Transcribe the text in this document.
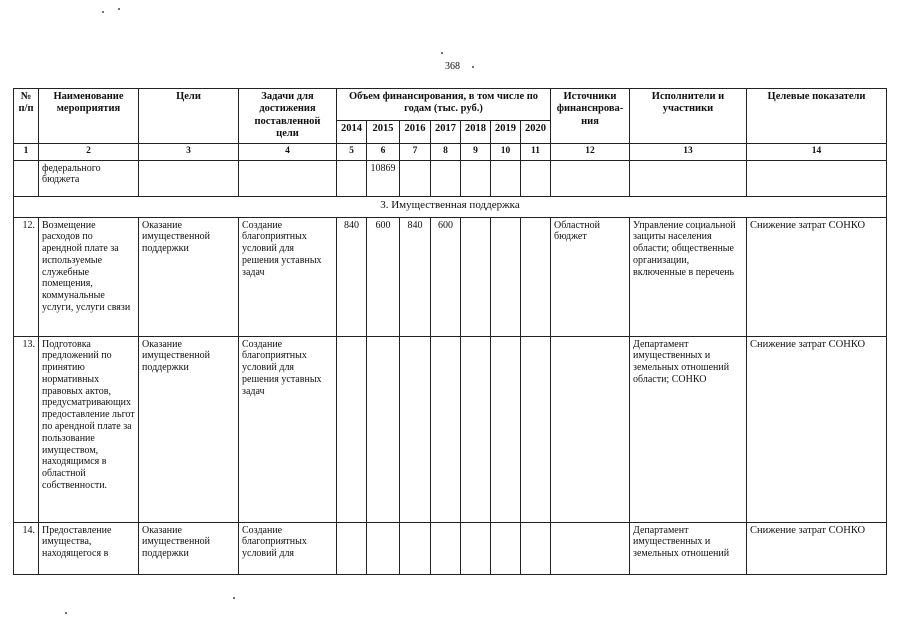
368
№ п/п	Наименование мероприятия	Цели	Задачи для достижения поставленной цели	Объем финансирования, в том числе по годам (тыс. руб.)							Источники финанснрова-ния	Исполнители и участники	Целевые показатели
				2014	2015	2016	2017	2018	2019	2020			
1	2	3	4	5	6	7	8	9	10	11	12	13	14
	федерального бюджета				10869								
3. Имущественная поддержка													
12.	Возмещение расходов по арендной плате за используемые служебные помещения, коммунальные услуги, услуги связи	Оказание имущественной поддержки	Создание благоприятных условий для решения уставных задач	840	600	840	600				Областной бюджет	Управление социальной защиты населения области; общественные организации, включенные в перечень	Снижение затрат СОНКО
13.	Подготовка предложений по принятию нормативных правовых актов, предусматривающих предоставление льгот по арендной плате за пользование имуществом, находящимся в областной собственности.	Оказание имущественной поддержки	Создание благоприятных условий для решения уставных задач									Департамент имущественных и земельных отношений области; СОНКО	Снижение затрат СОНКО
14.	Предоставление имущества, находящегося в	Оказание имущественной поддержки	Создание благоприятных условий для									Департамент имущественных и земельных отношений	Снижение затрат СОНКО
